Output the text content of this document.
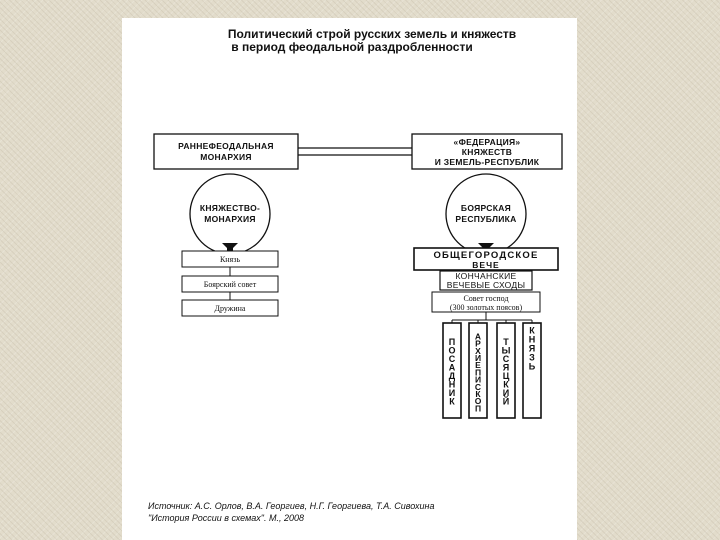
Политический строй русских земель и княжеств
в период феодальной раздробленности
РАННЕФЕОДАЛЬНАЯ
МОНАРХИЯ
«ФЕДЕРАЦИЯ»
КНЯЖЕСТВ
И ЗЕМЕЛЬ-РЕСПУБЛИК
КНЯЖЕСТВО-
МОНАРХИЯ
БОЯРСКАЯ
РЕСПУБЛИКА
Князь
Боярский совет
Дружина
ОБЩЕГОРОДСКОЕ
ВЕЧЕ
КОНЧАНСКИЕ
ВЕЧЕВЫЕ СХОДЫ
Совет господ
(300 золотых поясов)
ПОСАДНИК АРХИЕПИСКОП ТЫСЯЦКИЙ КНЯЗЬ
Источник: А.С. Орлов, В.А. Георгиев, Н.Г. Георгиева, Т.А. Сивохина
"История России в схемах". М., 2008
